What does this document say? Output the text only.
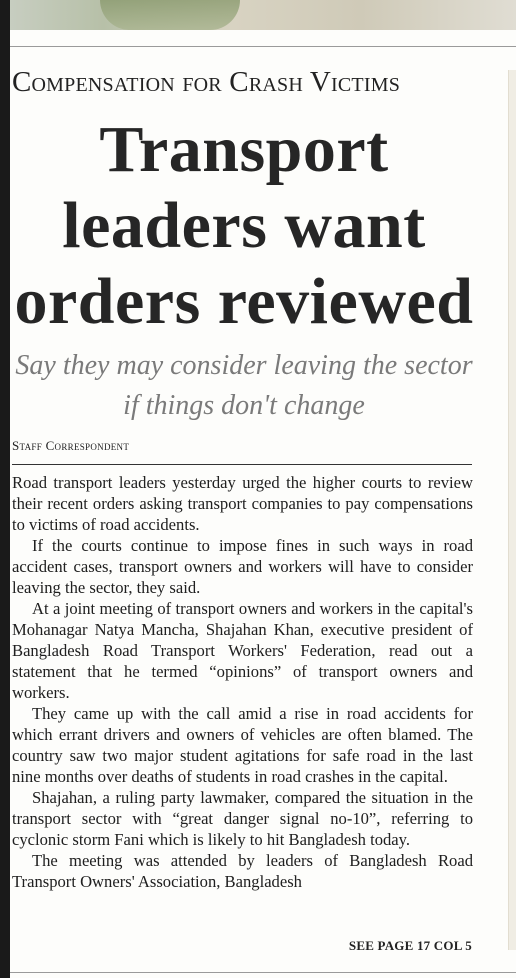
Compensation for Crash Victims
Transport leaders want orders reviewed
Say they may consider leaving the sector if things don't change
Staff Correspondent

Road transport leaders yesterday urged the higher courts to review their recent orders asking transport companies to pay compensations to victims of road accidents.

If the courts continue to impose fines in such ways in road accident cases, transport owners and workers will have to consider leaving the sector, they said.

At a joint meeting of transport owners and workers in the capital's Mohanagar Natya Mancha, Shajahan Khan, executive president of Bangladesh Road Transport Workers' Federation, read out a statement that he termed “opinions” of transport owners and workers.

They came up with the call amid a rise in road accidents for which errant drivers and owners of vehicles are often blamed. The country saw two major student agitations for safe road in the last nine months over deaths of students in road crashes in the capital.

Shajahan, a ruling party lawmaker, compared the situation in the transport sector with “great danger signal no-10”, referring to cyclonic storm Fani which is likely to hit Bangladesh today.

The meeting was attended by leaders of Bangladesh Road Transport Owners' Association, Bangladesh

SEE PAGE 17 COL 5
